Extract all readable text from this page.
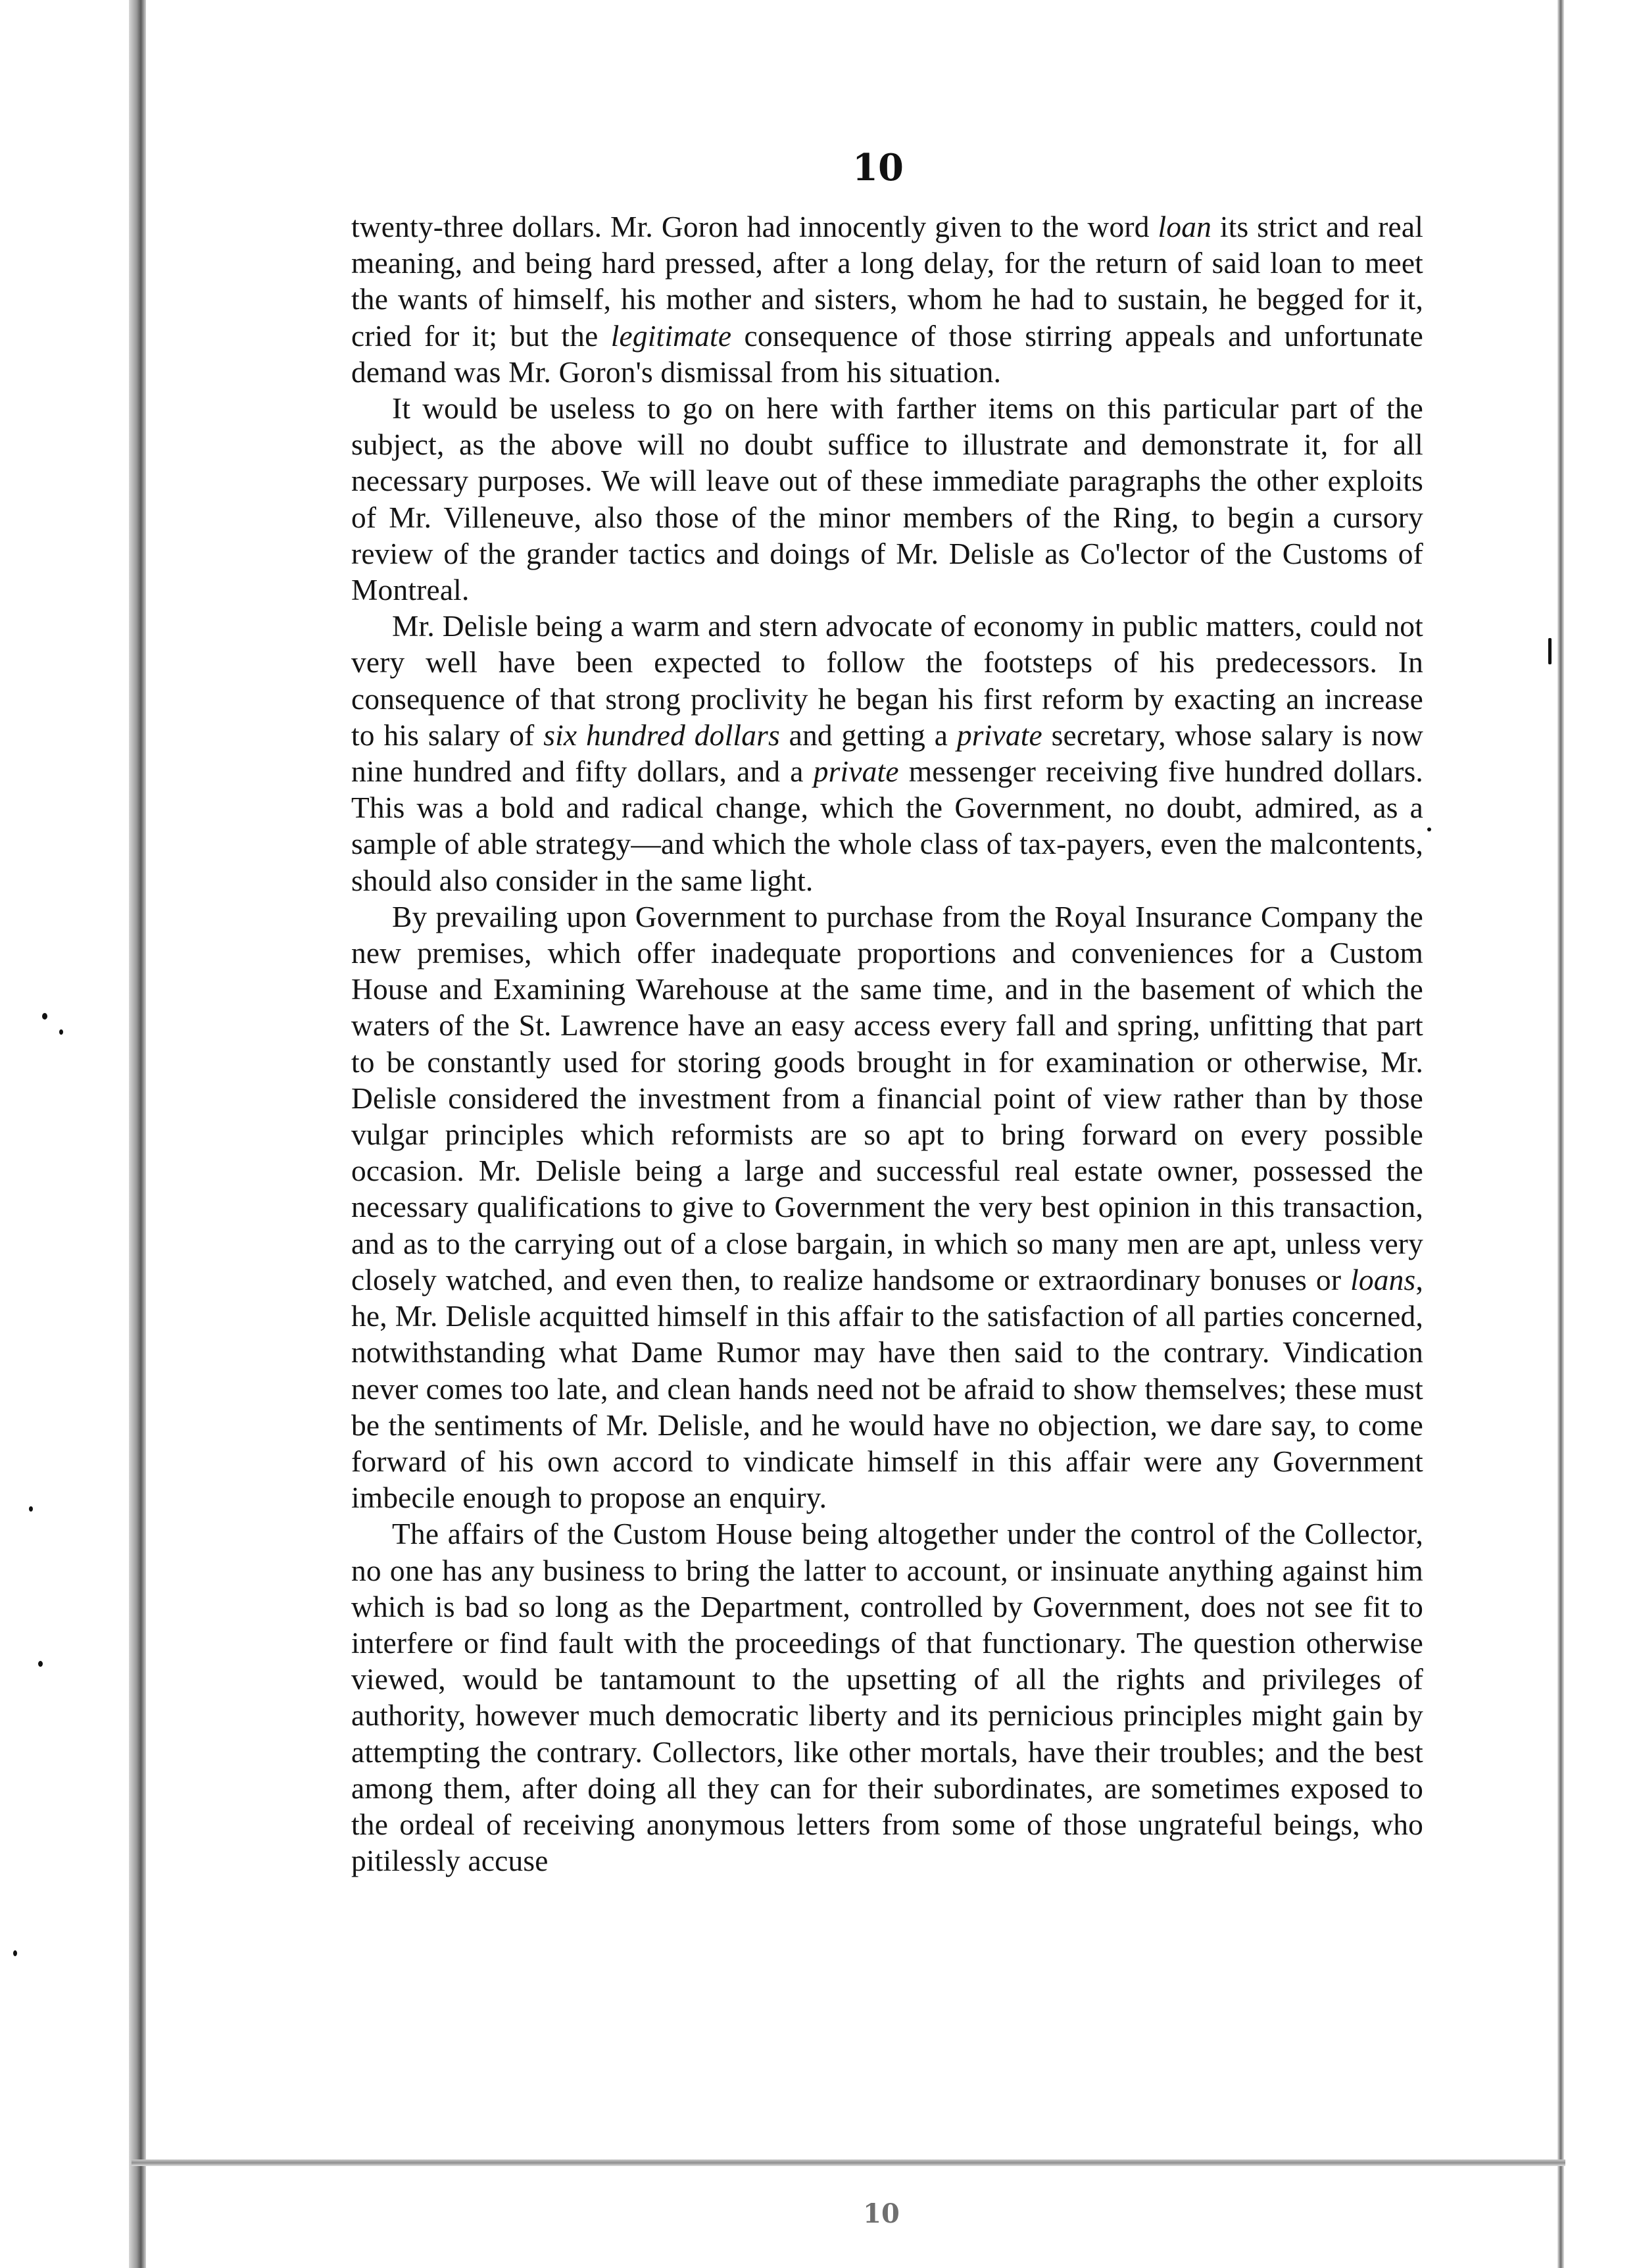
10

twenty-three dollars. Mr. Goron had innocently given to the word loan its strict and real meaning, and being hard pressed, after a long delay, for the return of said loan to meet the wants of himself, his mother and sisters, whom he had to sustain, he begged for it, cried for it; but the legitimate consequence of those stirring appeals and unfortunate demand was Mr. Goron's dismissal from his situation.

It would be useless to go on here with farther items on this particular part of the subject, as the above will no doubt suffice to illustrate and demonstrate it, for all necessary purposes. We will leave out of these immediate paragraphs the other exploits of Mr. Villeneuve, also those of the minor members of the Ring, to begin a cursory review of the grander tactics and doings of Mr. Delisle as Co'lector of the Customs of Montreal.

Mr. Delisle being a warm and stern advocate of economy in public matters, could not very well have been expected to follow the footsteps of his predecessors. In consequence of that strong proclivity he began his first reform by exacting an increase to his salary of six hundred dollars and getting a private secretary, whose salary is now nine hundred and fifty dollars, and a private messenger receiving five hundred dollars. This was a bold and radical change, which the Government, no doubt, admired, as a sample of able strategy—and which the whole class of tax-payers, even the malcontents, should also consider in the same light.

By prevailing upon Government to purchase from the Royal Insurance Company the new premises, which offer inadequate proportions and conveniences for a Custom House and Examining Warehouse at the same time, and in the basement of which the waters of the St. Lawrence have an easy access every fall and spring, unfitting that part to be constantly used for storing goods brought in for examination or otherwise, Mr. Delisle considered the investment from a financial point of view rather than by those vulgar principles which reformists are so apt to bring forward on every possible occasion. Mr. Delisle being a large and successful real estate owner, possessed the necessary qualifications to give to Government the very best opinion in this transaction, and as to the carrying out of a close bargain, in which so many men are apt, unless very closely watched, and even then, to realize handsome or extraordinary bonuses or loans, he, Mr. Delisle acquitted himself in this affair to the satisfaction of all parties concerned, notwithstanding what Dame Rumor may have then said to the contrary. Vindication never comes too late, and clean hands need not be afraid to show themselves; these must be the sentiments of Mr. Delisle, and he would have no objection, we dare say, to come forward of his own accord to vindicate himself in this affair were any Government imbecile enough to propose an enquiry.

The affairs of the Custom House being altogether under the control of the Collector, no one has any business to bring the latter to account, or insinuate anything against him which is bad so long as the Department, controlled by Government, does not see fit to interfere or find fault with the proceedings of that functionary. The question otherwise viewed, would be tantamount to the upsetting of all the rights and privileges of authority, however much democratic liberty and its pernicious principles might gain by attempting the contrary. Collectors, like other mortals, have their troubles; and the best among them, after doing all they can for their subordinates, are sometimes exposed to the ordeal of receiving anonymous letters from some of those ungrateful beings, who pitilessly accuse

10
